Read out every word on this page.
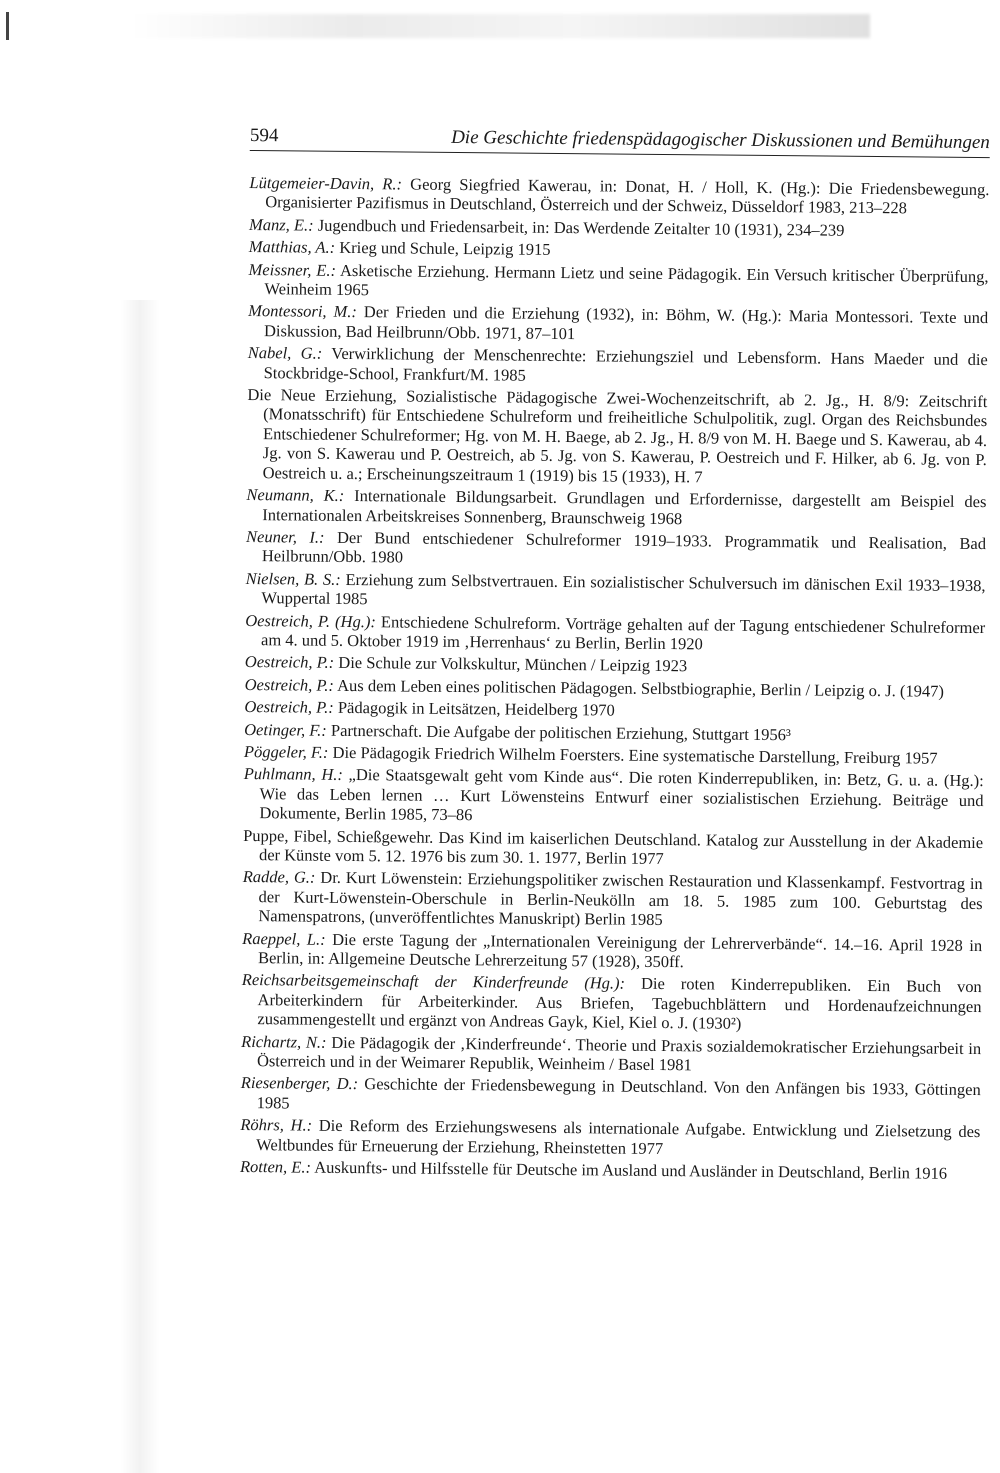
594	Die Geschichte friedenspädagogischer Diskussionen und Bemühungen

Lütgemeier-Davin, R.: Georg Siegfried Kawerau, in: Donat, H. / Holl, K. (Hg.): Die Friedensbewegung. Organisierter Pazifismus in Deutschland, Österreich und der Schweiz, Düsseldorf 1983, 213–228

Manz, E.: Jugendbuch und Friedensarbeit, in: Das Werdende Zeitalter 10 (1931), 234–239

Matthias, A.: Krieg und Schule, Leipzig 1915

Meissner, E.: Asketische Erziehung. Hermann Lietz und seine Pädagogik. Ein Versuch kritischer Überprüfung, Weinheim 1965

Montessori, M.: Der Frieden und die Erziehung (1932), in: Böhm, W. (Hg.): Maria Montessori. Texte und Diskussion, Bad Heilbrunn/Obb. 1971, 87–101

Nabel, G.: Verwirklichung der Menschenrechte: Erziehungsziel und Lebensform. Hans Maeder und die Stockbridge-School, Frankfurt/M. 1985

Die Neue Erziehung, Sozialistische Pädagogische Zwei-Wochenzeitschrift, ab 2. Jg., H. 8/9: Zeitschrift (Monatsschrift) für Entschiedene Schulreform und freiheitliche Schulpolitik, zugl. Organ des Reichsbundes Entschiedener Schulreformer; Hg. von M. H. Baege, ab 2. Jg., H. 8/9 von M. H. Baege und S. Kawerau, ab 4. Jg. von S. Kawerau und P. Oestreich, ab 5. Jg. von S. Kawerau, P. Oestreich und F. Hilker, ab 6. Jg. von P. Oestreich u. a.; Erscheinungszeitraum 1 (1919) bis 15 (1933), H. 7

Neumann, K.: Internationale Bildungsarbeit. Grundlagen und Erfordernisse, dargestellt am Beispiel des Internationalen Arbeitskreises Sonnenberg, Braunschweig 1968

Neuner, I.: Der Bund entschiedener Schulreformer 1919–1933. Programmatik und Realisation, Bad Heilbrunn/Obb. 1980

Nielsen, B. S.: Erziehung zum Selbstvertrauen. Ein sozialistischer Schulversuch im dänischen Exil 1933–1938, Wuppertal 1985

Oestreich, P. (Hg.): Entschiedene Schulreform. Vorträge gehalten auf der Tagung entschiedener Schulreformer am 4. und 5. Oktober 1919 im ‚Herrenhaus‘ zu Berlin, Berlin 1920

Oestreich, P.: Die Schule zur Volkskultur, München / Leipzig 1923

Oestreich, P.: Aus dem Leben eines politischen Pädagogen. Selbstbiographie, Berlin / Leipzig o. J. (1947)

Oestreich, P.: Pädagogik in Leitsätzen, Heidelberg 1970

Oetinger, F.: Partnerschaft. Die Aufgabe der politischen Erziehung, Stuttgart 1956³

Pöggeler, F.: Die Pädagogik Friedrich Wilhelm Foersters. Eine systematische Darstellung, Freiburg 1957

Puhlmann, H.: „Die Staatsgewalt geht vom Kinde aus“. Die roten Kinderrepubliken, in: Betz, G. u. a. (Hg.): Wie das Leben lernen … Kurt Löwensteins Entwurf einer sozialistischen Erziehung. Beiträge und Dokumente, Berlin 1985, 73–86

Puppe, Fibel, Schießgewehr. Das Kind im kaiserlichen Deutschland. Katalog zur Ausstellung in der Akademie der Künste vom 5. 12. 1976 bis zum 30. 1. 1977, Berlin 1977

Radde, G.: Dr. Kurt Löwenstein: Erziehungspolitiker zwischen Restauration und Klassenkampf. Festvortrag in der Kurt-Löwenstein-Oberschule in Berlin-Neukölln am 18. 5. 1985 zum 100. Geburtstag des Namenspatrons, (unveröffentlichtes Manuskript) Berlin 1985

Raeppel, L.: Die erste Tagung der „Internationalen Vereinigung der Lehrerverbände“. 14.–16. April 1928 in Berlin, in: Allgemeine Deutsche Lehrerzeitung 57 (1928), 350ff.

Reichsarbeitsgemeinschaft der Kinderfreunde (Hg.): Die roten Kinderrepubliken. Ein Buch von Arbeiterkindern für Arbeiterkinder. Aus Briefen, Tagebuchblättern und Hordenaufzeichnungen zusammengestellt und ergänzt von Andreas Gayk, Kiel, Kiel o. J. (1930²)

Richartz, N.: Die Pädagogik der ‚Kinderfreunde‘. Theorie und Praxis sozialdemokratischer Erziehungsarbeit in Österreich und in der Weimarer Republik, Weinheim / Basel 1981

Riesenberger, D.: Geschichte der Friedensbewegung in Deutschland. Von den Anfängen bis 1933, Göttingen 1985

Röhrs, H.: Die Reform des Erziehungswesens als internationale Aufgabe. Entwicklung und Zielsetzung des Weltbundes für Erneuerung der Erziehung, Rheinstetten 1977

Rotten, E.: Auskunfts- und Hilfsstelle für Deutsche im Ausland und Ausländer in Deutschland, Berlin 1916
